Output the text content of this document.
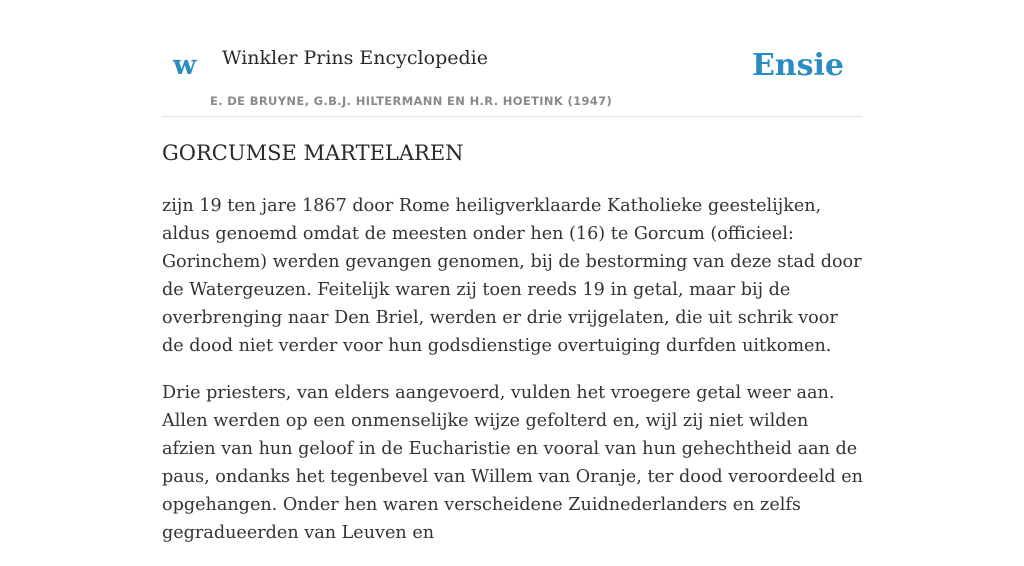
w Winkler Prins Encyclopedie
E. DE BRUYNE, G.B.J. HILTERMANN EN H.R. HOETINK (1947)
Ensie
GORCUMSE MARTELAREN

zijn 19 ten jare 1867 door Rome heiligverklaarde Katholieke geestelijken, aldus genoemd omdat de meesten onder hen (16) te Gorcum (officieel: Gorinchem) werden gevangen genomen, bij de bestorming van deze stad door de Watergeuzen. Feitelijk waren zij toen reeds 19 in getal, maar bij de overbrenging naar Den Briel, werden er drie vrijgelaten, die uit schrik voor de dood niet verder voor hun godsdienstige overtuiging durfden uitkomen.

Drie priesters, van elders aangevoerd, vulden het vroegere getal weer aan. Allen werden op een onmenselijke wijze gefolterd en, wijl zij niet wilden afzien van hun geloof in de Eucharistie en vooral van hun gehechtheid aan de paus, ondanks het tegenbevel van Willem van Oranje, ter dood veroordeeld en opgehangen. Onder hen waren verscheidene Zuidnederlanders en zelfs gegradueerden van Leuven en
